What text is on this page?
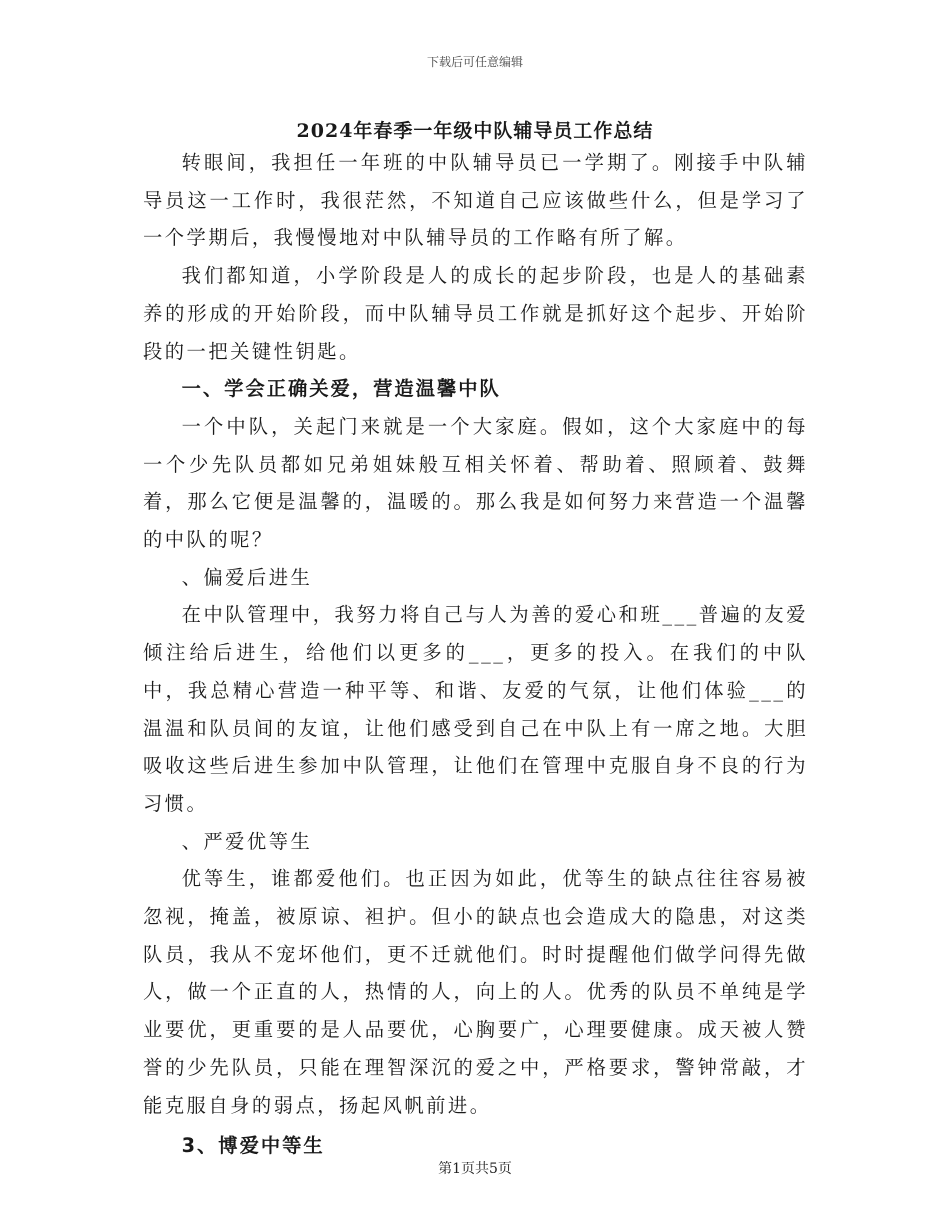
下载后可任意编辑
2024年春季一年级中队辅导员工作总结

转眼间，我担任一年班的中队辅导员已一学期了。刚接手中队辅导员这一工作时，我很茫然，不知道自己应该做些什么，但是学习了一个学期后，我慢慢地对中队辅导员的工作略有所了解。

我们都知道，小学阶段是人的成长的起步阶段，也是人的基础素养的形成的开始阶段，而中队辅导员工作就是抓好这个起步、开始阶段的一把关键性钥匙。

一、学会正确关爱，营造温馨中队

一个中队，关起门来就是一个大家庭。假如，这个大家庭中的每一个少先队员都如兄弟姐妹般互相关怀着、帮助着、照顾着、鼓舞着，那么它便是温馨的，温暖的。那么我是如何努力来营造一个温馨的中队的呢？

、偏爱后进生

在中队管理中，我努力将自己与人为善的爱心和班___普遍的友爱倾注给后进生，给他们以更多的___，更多的投入。在我们的中队中，我总精心营造一种平等、和谐、友爱的气氛，让他们体验___的温温和队员间的友谊，让他们感受到自己在中队上有一席之地。大胆吸收这些后进生参加中队管理，让他们在管理中克服自身不良的行为习惯。

、严爱优等生

优等生，谁都爱他们。也正因为如此，优等生的缺点往往容易被忽视，掩盖，被原谅、袒护。但小的缺点也会造成大的隐患，对这类队员，我从不宠坏他们，更不迁就他们。时时提醒他们做学问得先做人，做一个正直的人，热情的人，向上的人。优秀的队员不单纯是学业要优，更重要的是人品要优，心胸要广，心理要健康。成天被人赞誉的少先队员，只能在理智深沉的爱之中，严格要求，警钟常敲，才能克服自身的弱点，扬起风帆前进。

3、博爱中等生

第1页共5页
